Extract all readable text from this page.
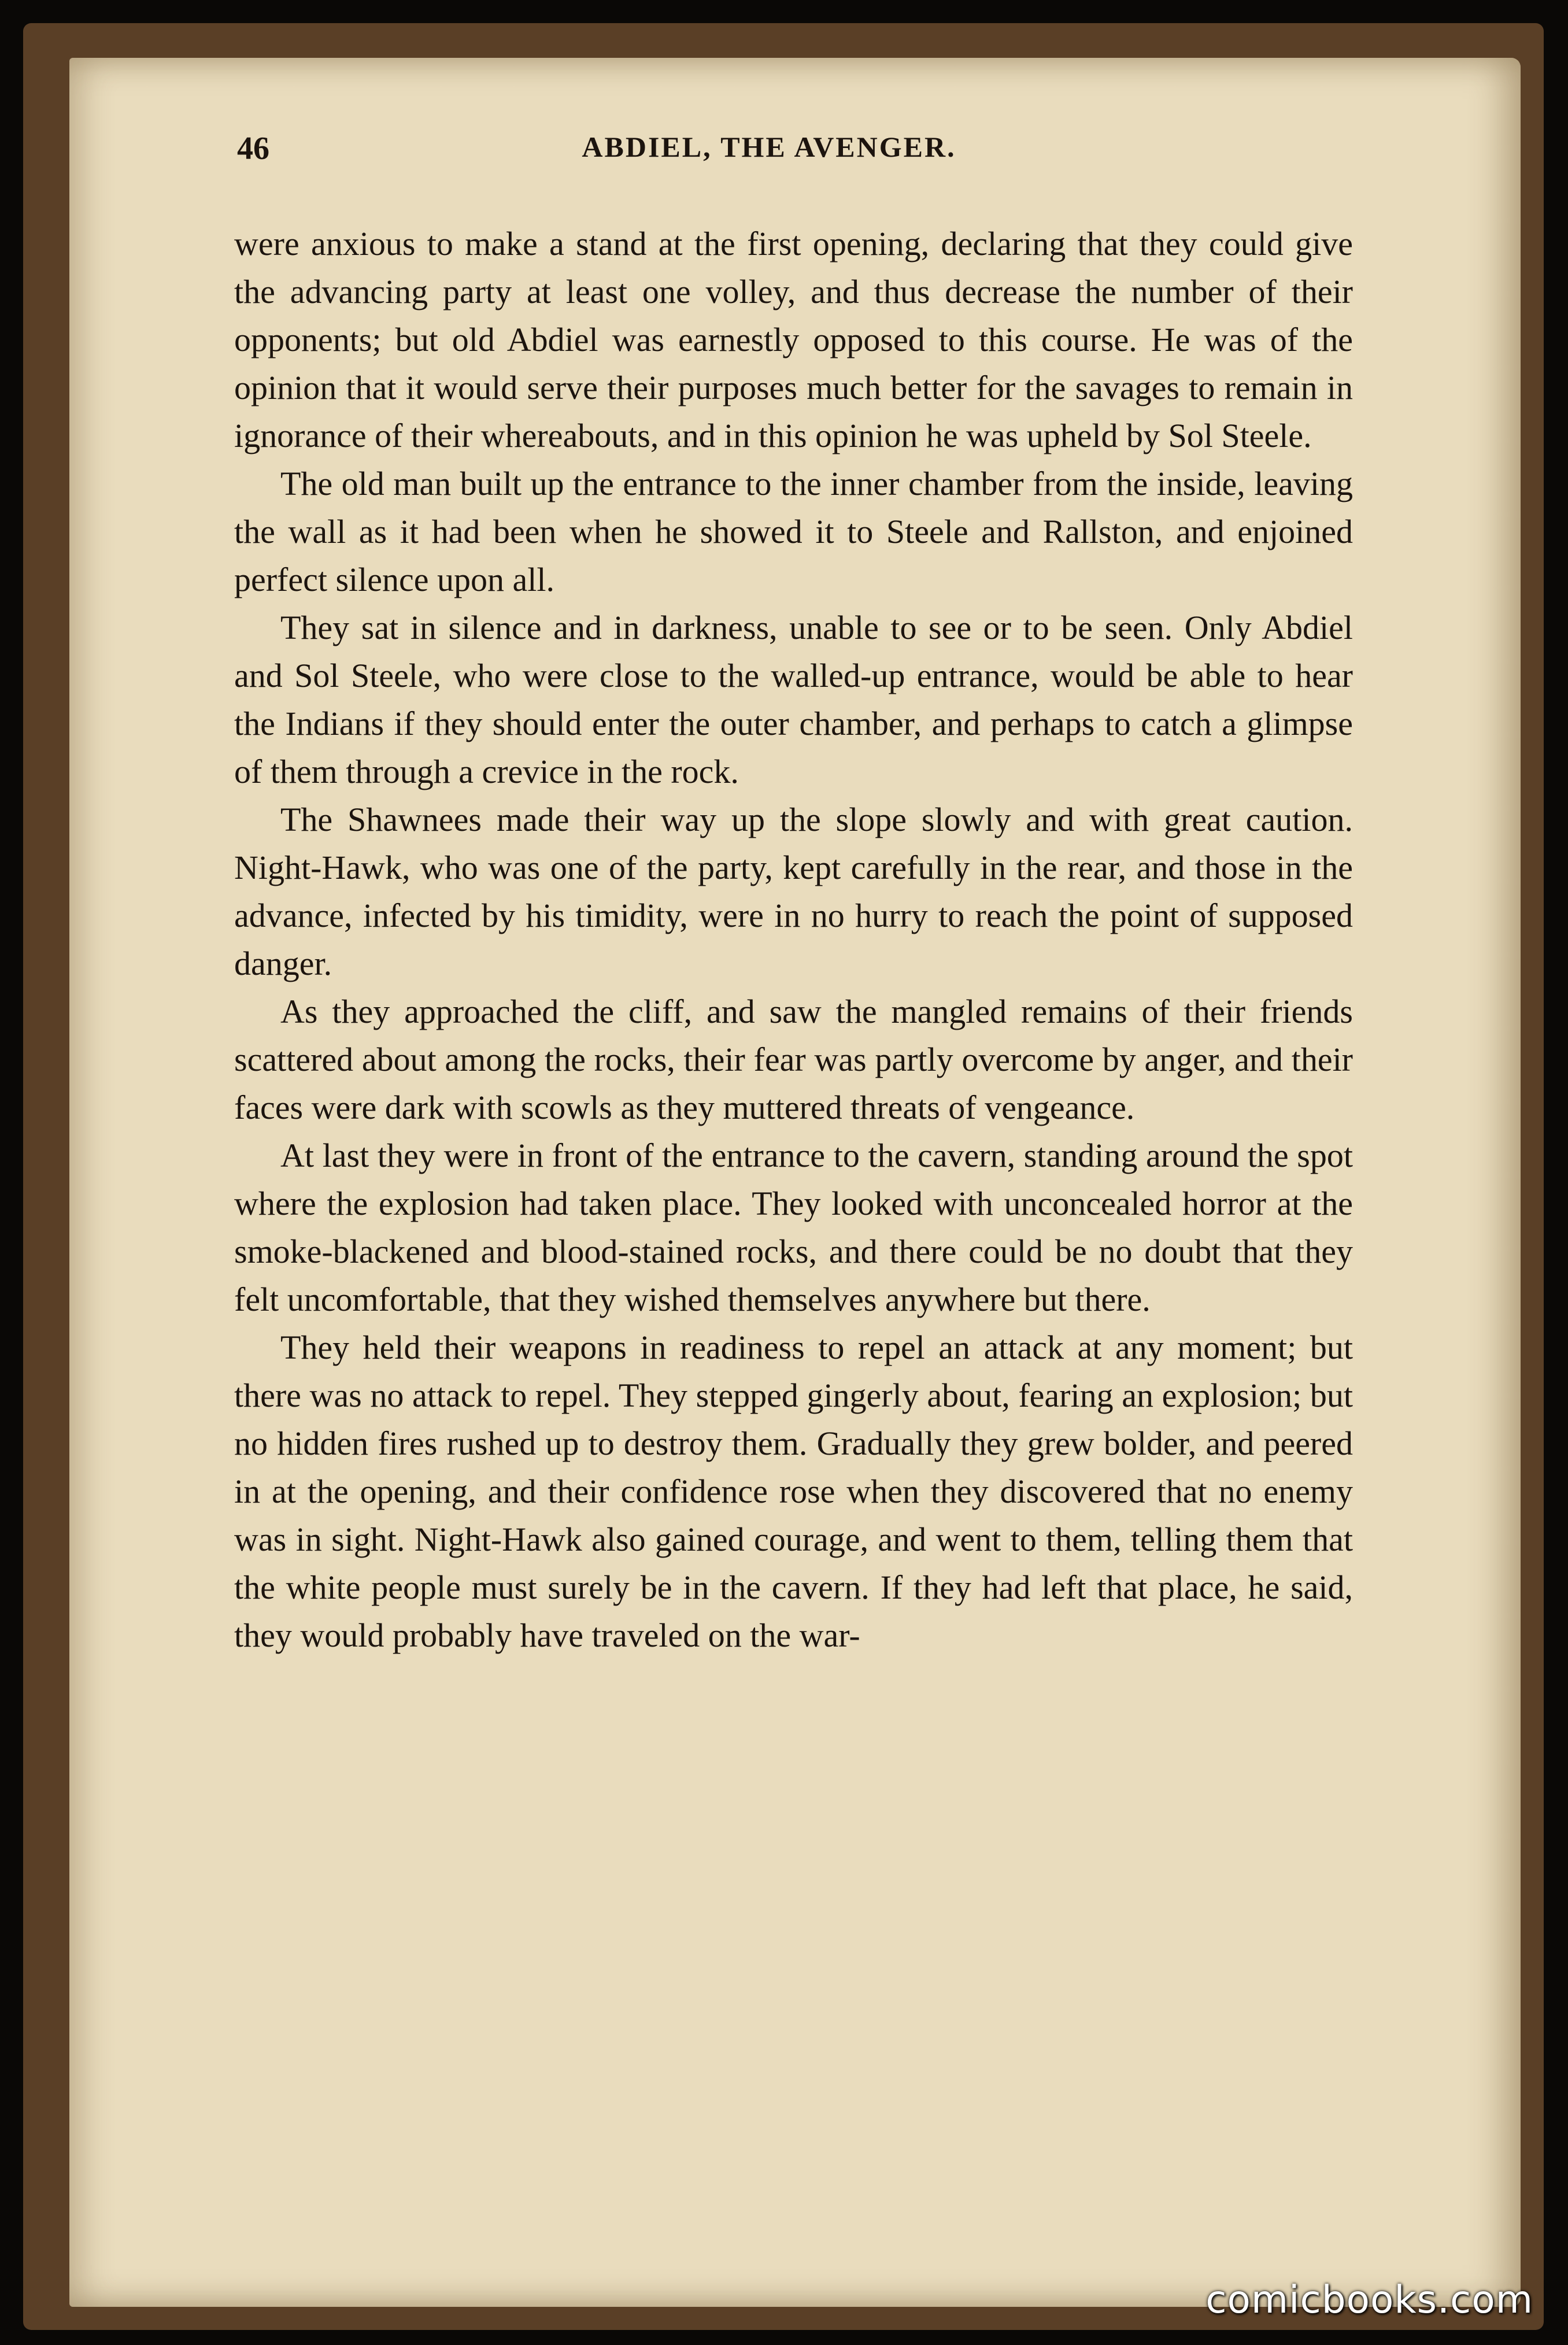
46	ABDIEL, THE AVENGER.

were anxious to make a stand at the first opening, declaring that they could give the advancing party at least one volley, and thus decrease the number of their opponents; but old Abdiel was earnestly opposed to this course. He was of the opinion that it would serve their purposes much better for the savages to remain in ignorance of their whereabouts, and in this opinion he was upheld by Sol Steele.

The old man built up the entrance to the inner chamber from the inside, leaving the wall as it had been when he showed it to Steele and Rallston, and enjoined perfect silence upon all.

They sat in silence and in darkness, unable to see or to be seen. Only Abdiel and Sol Steele, who were close to the walled-up entrance, would be able to hear the Indians if they should enter the outer chamber, and perhaps to catch a glimpse of them through a crevice in the rock.

The Shawnees made their way up the slope slowly and with great caution. Night-Hawk, who was one of the party, kept carefully in the rear, and those in the advance, infected by his timidity, were in no hurry to reach the point of supposed danger.

As they approached the cliff, and saw the mangled remains of their friends scattered about among the rocks, their fear was partly overcome by anger, and their faces were dark with scowls as they muttered threats of vengeance.

At last they were in front of the entrance to the cavern, standing around the spot where the explosion had taken place. They looked with unconcealed horror at the smoke-blackened and blood-stained rocks, and there could be no doubt that they felt uncomfortable, that they wished themselves anywhere but there.

They held their weapons in readiness to repel an attack at any moment; but there was no attack to repel. They stepped gingerly about, fearing an explosion; but no hidden fires rushed up to destroy them. Gradually they grew bolder, and peered in at the opening, and their confidence rose when they discovered that no enemy was in sight. Night-Hawk also gained courage, and went to them, telling them that the white people must surely be in the cavern. If they had left that place, he said, they would probably have traveled on the war-

comicbooks.com
